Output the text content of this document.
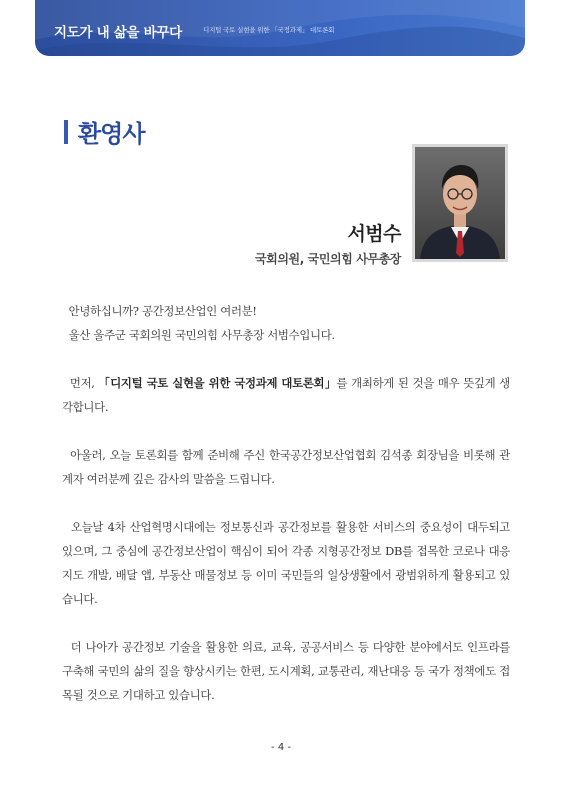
지도가 내 삶을 바꾸다	디지털 국토 실현을 위한 「국정과제」 대토론회
환영사
서범수
국회의원, 국민의힘 사무총장

안녕하십니까? 공간정보산업인 여러분!
울산 울주군 국회의원 국민의힘 사무총장 서범수입니다.

먼저, 「디지털 국토 실현을 위한 국정과제 대토론회」를 개최하게 된 것을 매우 뜻깊게 생각합니다.

아울러, 오늘 토론회를 함께 준비해 주신 한국공간정보산업협회 김석종 회장님을 비롯해 관계자 여러분께 깊은 감사의 말씀을 드립니다.

오늘날 4차 산업혁명시대에는 정보통신과 공간정보를 활용한 서비스의 중요성이 대두되고 있으며, 그 중심에 공간정보산업이 핵심이 되어 각종 지형공간정보 DB를 접목한 코로나 대응 지도 개발, 배달 앱, 부동산 매물정보 등 이미 국민들의 일상생활에서 광범위하게 활용되고 있습니다.

더 나아가 공간정보 기술을 활용한 의료, 교육, 공공서비스 등 다양한 분야에서도 인프라를 구축해 국민의 삶의 질을 향상시키는 한편, 도시계획, 교통관리, 재난대응 등 국가 정책에도 접목될 것으로 기대하고 있습니다.

- 4 -
